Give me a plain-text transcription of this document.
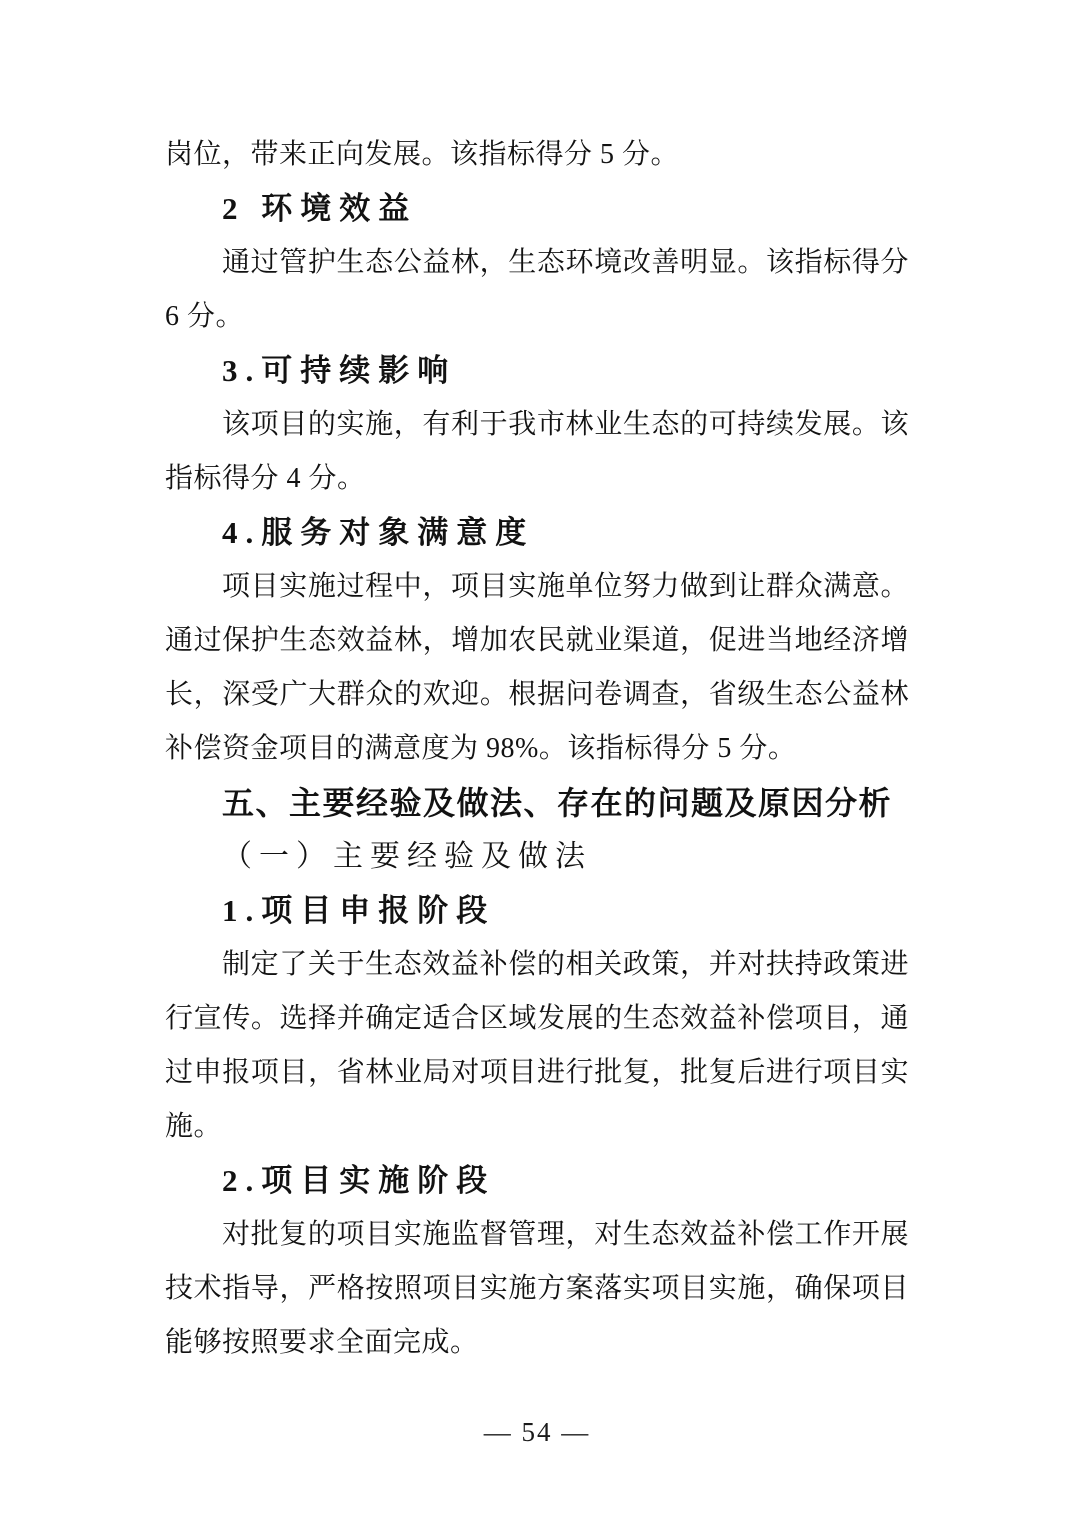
岗位，带来正向发展。该指标得分 5 分。

2 环境效益

通过管护生态公益林，生态环境改善明显。该指标得分 6 分。

3.可持续影响

该项目的实施，有利于我市林业生态的可持续发展。该指标得分 4 分。

4.服务对象满意度

项目实施过程中，项目实施单位努力做到让群众满意。通过保护生态效益林，增加农民就业渠道，促进当地经济增长，深受广大群众的欢迎。根据问卷调查，省级生态公益林补偿资金项目的满意度为 98%。该指标得分 5 分。

五、主要经验及做法、存在的问题及原因分析
（一）主要经验及做法
1.项目申报阶段

制定了关于生态效益补偿的相关政策，并对扶持政策进行宣传。选择并确定适合区域发展的生态效益补偿项目，通过申报项目，省林业局对项目进行批复，批复后进行项目实施。

2.项目实施阶段

对批复的项目实施监督管理，对生态效益补偿工作开展技术指导，严格按照项目实施方案落实项目实施，确保项目能够按照要求全面完成。

— 54 —
